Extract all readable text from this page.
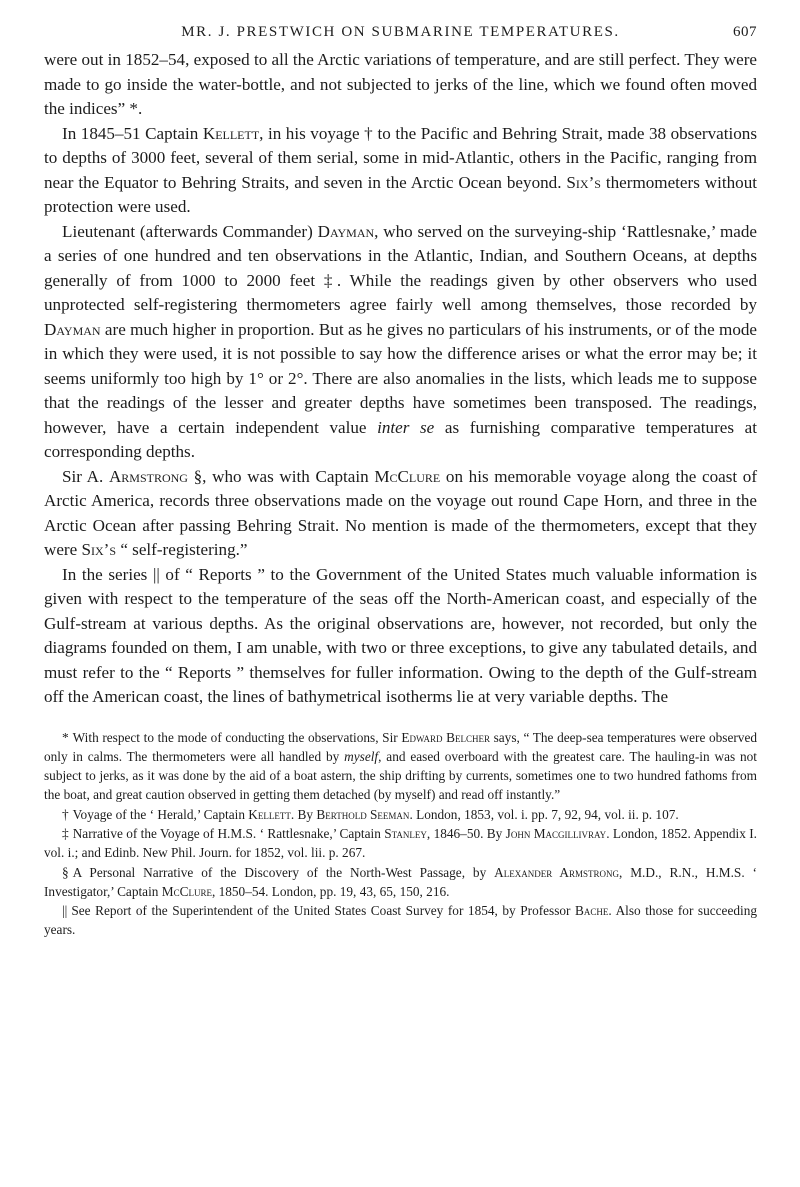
MR. J. PRESTWICH ON SUBMARINE TEMPERATURES.	607

were out in 1852–54, exposed to all the Arctic variations of temperature, and are still perfect. They were made to go inside the water-bottle, and not subjected to jerks of the line, which we found often moved the indices” *.

In 1845–51 Captain Kellett, in his voyage † to the Pacific and Behring Strait, made 38 observations to depths of 3000 feet, several of them serial, some in mid-Atlantic, others in the Pacific, ranging from near the Equator to Behring Straits, and seven in the Arctic Ocean beyond. Six’s thermometers without protection were used.

Lieutenant (afterwards Commander) Dayman, who served on the surveying-ship ‘Rattlesnake,’ made a series of one hundred and ten observations in the Atlantic, Indian, and Southern Oceans, at depths generally of from 1000 to 2000 feet ‡. While the readings given by other observers who used unprotected self-registering thermometers agree fairly well among themselves, those recorded by Dayman are much higher in proportion. But as he gives no particulars of his instruments, or of the mode in which they were used, it is not possible to say how the difference arises or what the error may be; it seems uniformly too high by 1° or 2°. There are also anomalies in the lists, which leads me to suppose that the readings of the lesser and greater depths have sometimes been transposed. The readings, however, have a certain independent value inter se as furnishing comparative temperatures at corresponding depths.

Sir A. Armstrong §, who was with Captain McClure on his memorable voyage along the coast of Arctic America, records three observations made on the voyage out round Cape Horn, and three in the Arctic Ocean after passing Behring Strait. No mention is made of the thermometers, except that they were Six’s “ self-registering.”

In the series || of “ Reports ” to the Government of the United States much valuable information is given with respect to the temperature of the seas off the North-American coast, and especially of the Gulf-stream at various depths. As the original observations are, however, not recorded, but only the diagrams founded on them, I am unable, with two or three exceptions, to give any tabulated details, and must refer to the “ Reports ” themselves for fuller information. Owing to the depth of the Gulf-stream off the American coast, the lines of bathymetrical isotherms lie at very variable depths. The

* With respect to the mode of conducting the observations, Sir Edward Belcher says, “ The deep-sea temperatures were observed only in calms. The thermometers were all handled by myself, and eased overboard with the greatest care. The hauling-in was not subject to jerks, as it was done by the aid of a boat astern, the ship drifting by currents, sometimes one to two hundred fathoms from the boat, and great caution observed in getting them detached (by myself) and read off instantly.”

† Voyage of the ‘ Herald,’ Captain Kellett. By Berthold Seeman. London, 1853, vol. i. pp. 7, 92, 94, vol. ii. p. 107.

‡ Narrative of the Voyage of H.M.S. ‘ Rattlesnake,’ Captain Stanley, 1846–50. By John Macgillivray. London, 1852. Appendix I. vol. i.; and Edinb. New Phil. Journ. for 1852, vol. lii. p. 267.

§ A Personal Narrative of the Discovery of the North-West Passage, by Alexander Armstrong, M.D., R.N., H.M.S. ‘ Investigator,’ Captain McClure, 1850–54. London, pp. 19, 43, 65, 150, 216.

|| See Report of the Superintendent of the United States Coast Survey for 1854, by Professor Bache. Also those for succeeding years.
